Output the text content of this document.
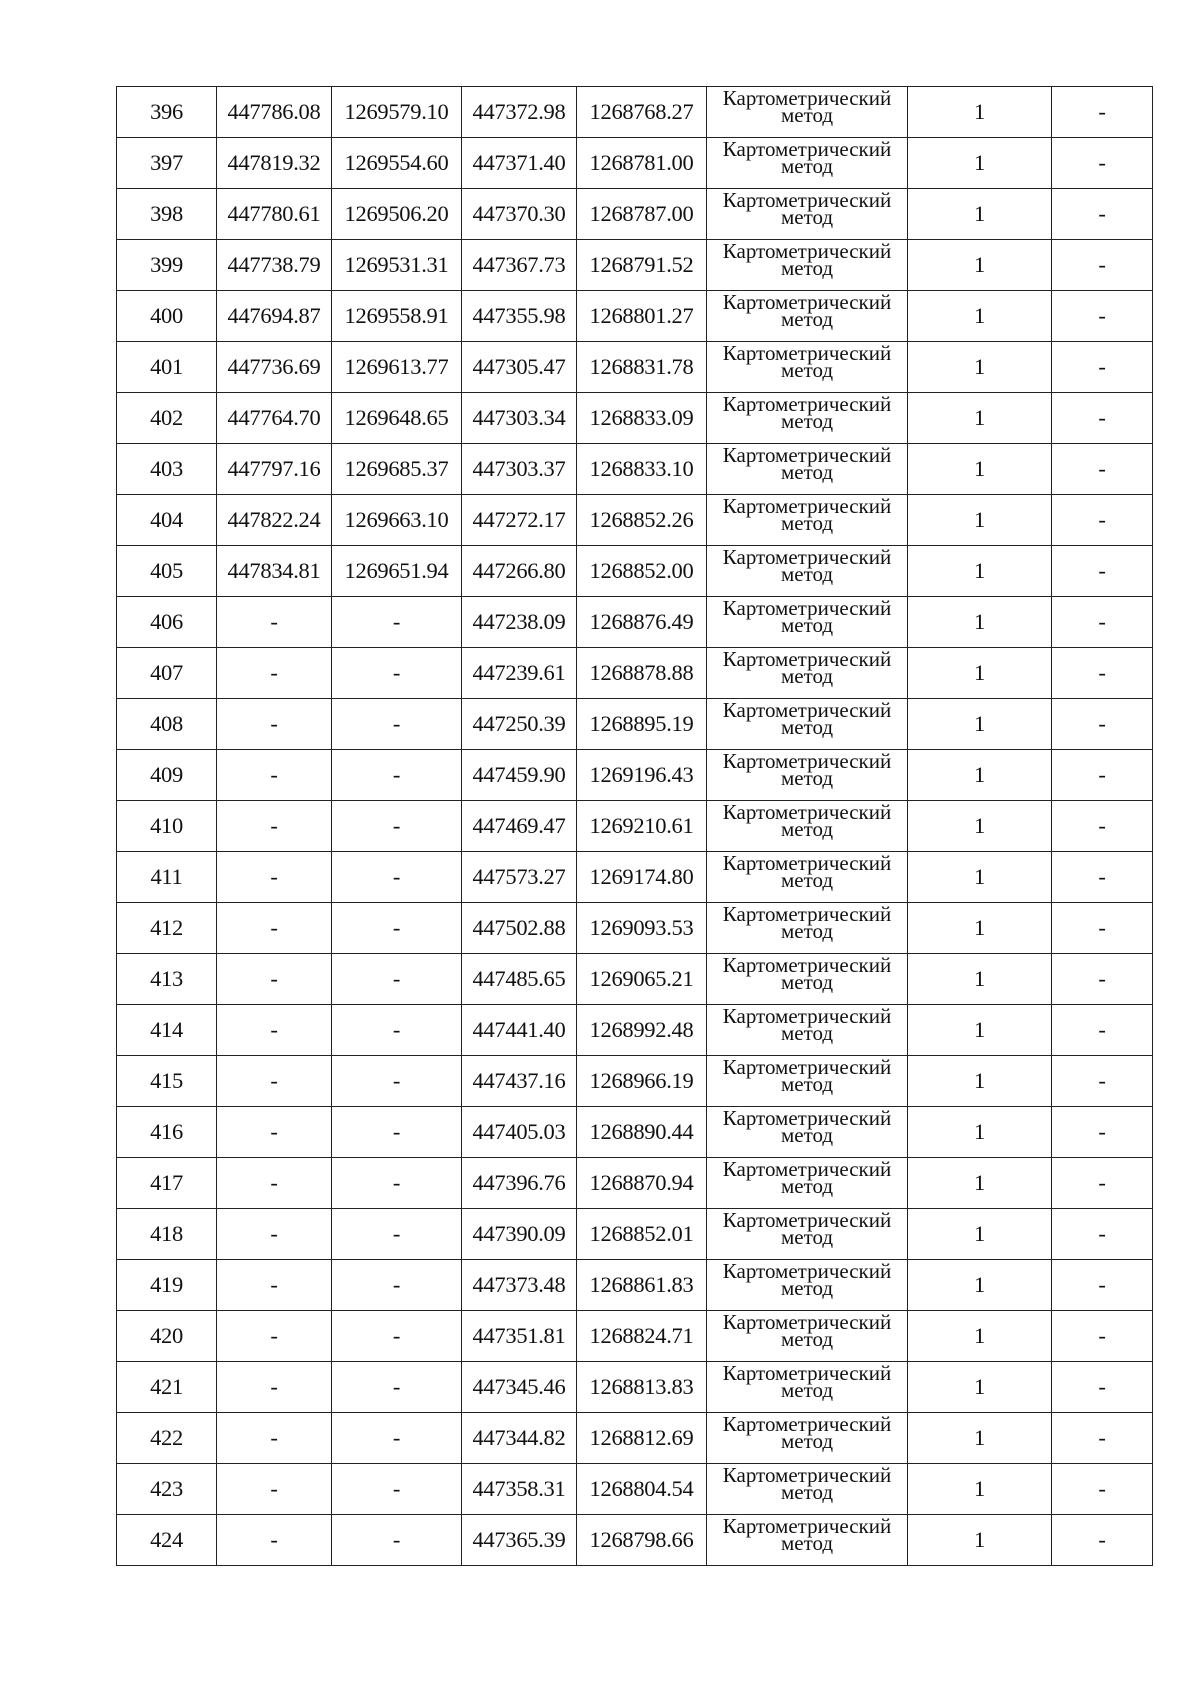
396	447786.08	1269579.10	447372.98	1268768.27	Картометрический
метод	1	-
397	447819.32	1269554.60	447371.40	1268781.00	Картометрический
метод	1	-
398	447780.61	1269506.20	447370.30	1268787.00	Картометрический
метод	1	-
399	447738.79	1269531.31	447367.73	1268791.52	Картометрический
метод	1	-
400	447694.87	1269558.91	447355.98	1268801.27	Картометрический
метод	1	-
401	447736.69	1269613.77	447305.47	1268831.78	Картометрический
метод	1	-
402	447764.70	1269648.65	447303.34	1268833.09	Картометрический
метод	1	-
403	447797.16	1269685.37	447303.37	1268833.10	Картометрический
метод	1	-
404	447822.24	1269663.10	447272.17	1268852.26	Картометрический
метод	1	-
405	447834.81	1269651.94	447266.80	1268852.00	Картометрический
метод	1	-
406	-	-	447238.09	1268876.49	Картометрический
метод	1	-
407	-	-	447239.61	1268878.88	Картометрический
метод	1	-
408	-	-	447250.39	1268895.19	Картометрический
метод	1	-
409	-	-	447459.90	1269196.43	Картометрический
метод	1	-
410	-	-	447469.47	1269210.61	Картометрический
метод	1	-
411	-	-	447573.27	1269174.80	Картометрический
метод	1	-
412	-	-	447502.88	1269093.53	Картометрический
метод	1	-
413	-	-	447485.65	1269065.21	Картометрический
метод	1	-
414	-	-	447441.40	1268992.48	Картометрический
метод	1	-
415	-	-	447437.16	1268966.19	Картометрический
метод	1	-
416	-	-	447405.03	1268890.44	Картометрический
метод	1	-
417	-	-	447396.76	1268870.94	Картометрический
метод	1	-
418	-	-	447390.09	1268852.01	Картометрический
метод	1	-
419	-	-	447373.48	1268861.83	Картометрический
метод	1	-
420	-	-	447351.81	1268824.71	Картометрический
метод	1	-
421	-	-	447345.46	1268813.83	Картометрический
метод	1	-
422	-	-	447344.82	1268812.69	Картометрический
метод	1	-
423	-	-	447358.31	1268804.54	Картометрический
метод	1	-
424	-	-	447365.39	1268798.66	Картометрический
метод	1	-
